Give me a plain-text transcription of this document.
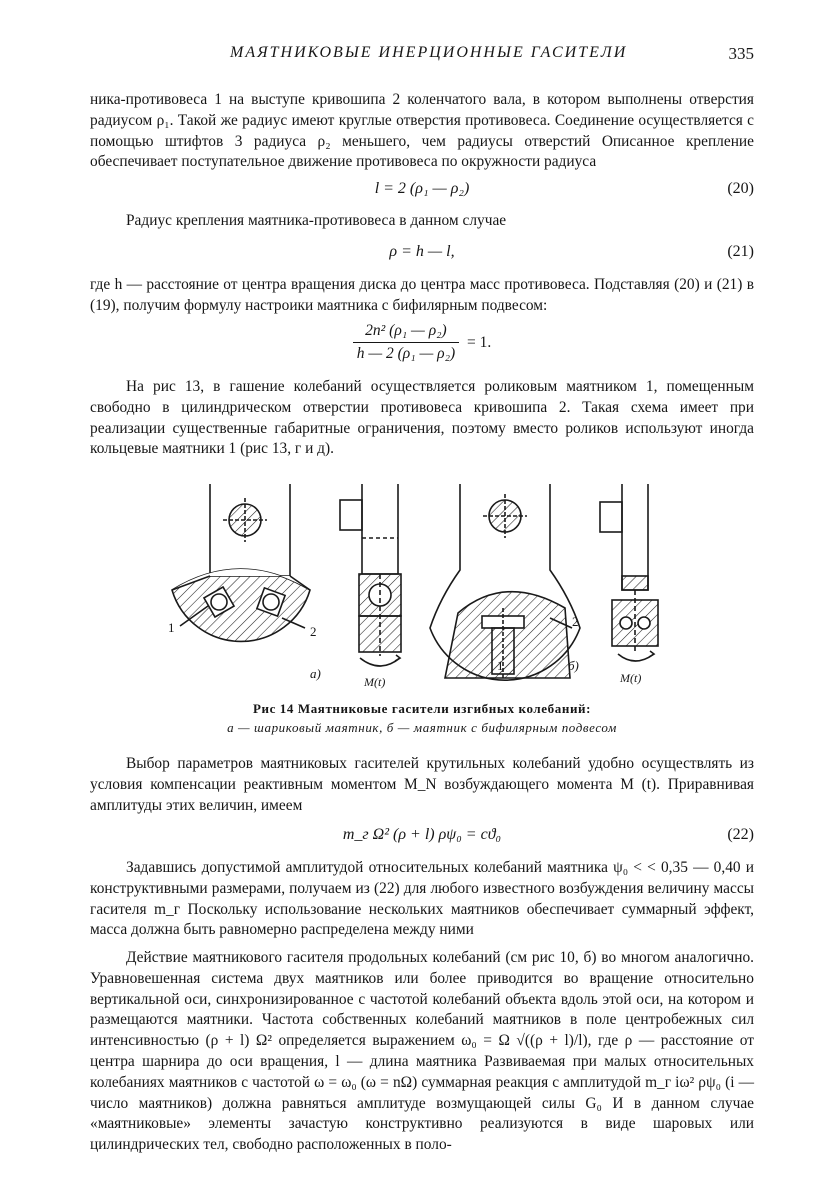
МАЯТНИКОВЫЕ ИНЕРЦИОННЫЕ ГАСИТЕЛИ	335

ника-противовеса 1 на выступе кривошипа 2 коленчатого вала, в котором выполнены отверстия радиусом ρ₁. Такой же радиус имеют круглые отверстия противовеса. Соединение осуществляется с помощью штифтов 3 радиуса ρ₂ меньшего, чем радиусы отверстий Описанное крепление обеспечивает поступательное движение противовеса по окружности радиуса

l = 2 (ρ₁ — ρ₂)	(20)

Радиус крепления маятника-противовеса в данном случае

ρ = h — l,	(21)

где h — расстояние от центра вращения диска до центра масс противовеса. Подставляя (20) и (21) в (19), получим формулу настроики маятника с бифилярным подвесом:

$\frac{\text{2n² (ρ₁ — ρ₂)}}{\text{h — 2 (ρ₁ — ρ₂)}} = 1$.

На рис 13, в гашение колебаний осуществляется роликовым маятником 1, помещенным свободно в цилиндрическом отверстии противовеса кривошипа 2. Такая схема имеет при реализации существенные габаритные ограничения, поэтому вместо роликов используют иногда кольцевые маятники 1 (рис 13, г и д).

1	2
а)
M(t)
1
2
б)
M(t)
Рис 14 Маятниковые гасители изгибных колебаний:
а — шариковый маятник, б — маятник с бифилярным подвесом

Выбор параметров маятниковых гасителей крутильных колебаний удобно осуществлять из условия компенсации реактивным моментом M_N возбуждающего момента M (t). Приравнивая амплитуды этих величин, имеем

m_г Ω² (ρ + l) ρψ₀ = cϑ₀	(22)

Задавшись допустимой амплитудой относительных колебаний маятника ψ₀ < < 0,35 — 0,40 и конструктивными размерами, получаем из (22) для любого известного возбуждения величину массы гасителя m_г Поскольку использование нескольких маятников обеспечивает суммарный эффект, масса должна быть равномерно распределена между ними

Действие маятникового гасителя продольных колебаний (см рис 10, б) во многом аналогично. Уравновешенная система двух маятников или более приводится во вращение относительно вертикальной оси, синхронизированное с частотой колебаний объекта вдоль этой оси, на котором и размещаются маятники. Частота собственных колебаний маятников в поле центробежных сил интенсивностью (ρ + l) Ω² определяется выражением ω₀ = Ω √((ρ + l)/l), где ρ — расстояние от центра шарнира до оси вращения, l — длина маятника Развиваемая при малых относительных колебаниях маятников с частотой ω = ω₀ (ω = nΩ) суммарная реакция с амплитудой m_г iω² ρψ₀ (i — число маятников) должна равняться амплитуде возмущающей силы G₀ И в данном случае «маятниковые» элементы зачастую конструктивно реализуются в виде шаровых или цилиндрических тел, свободно расположенных в поло-
